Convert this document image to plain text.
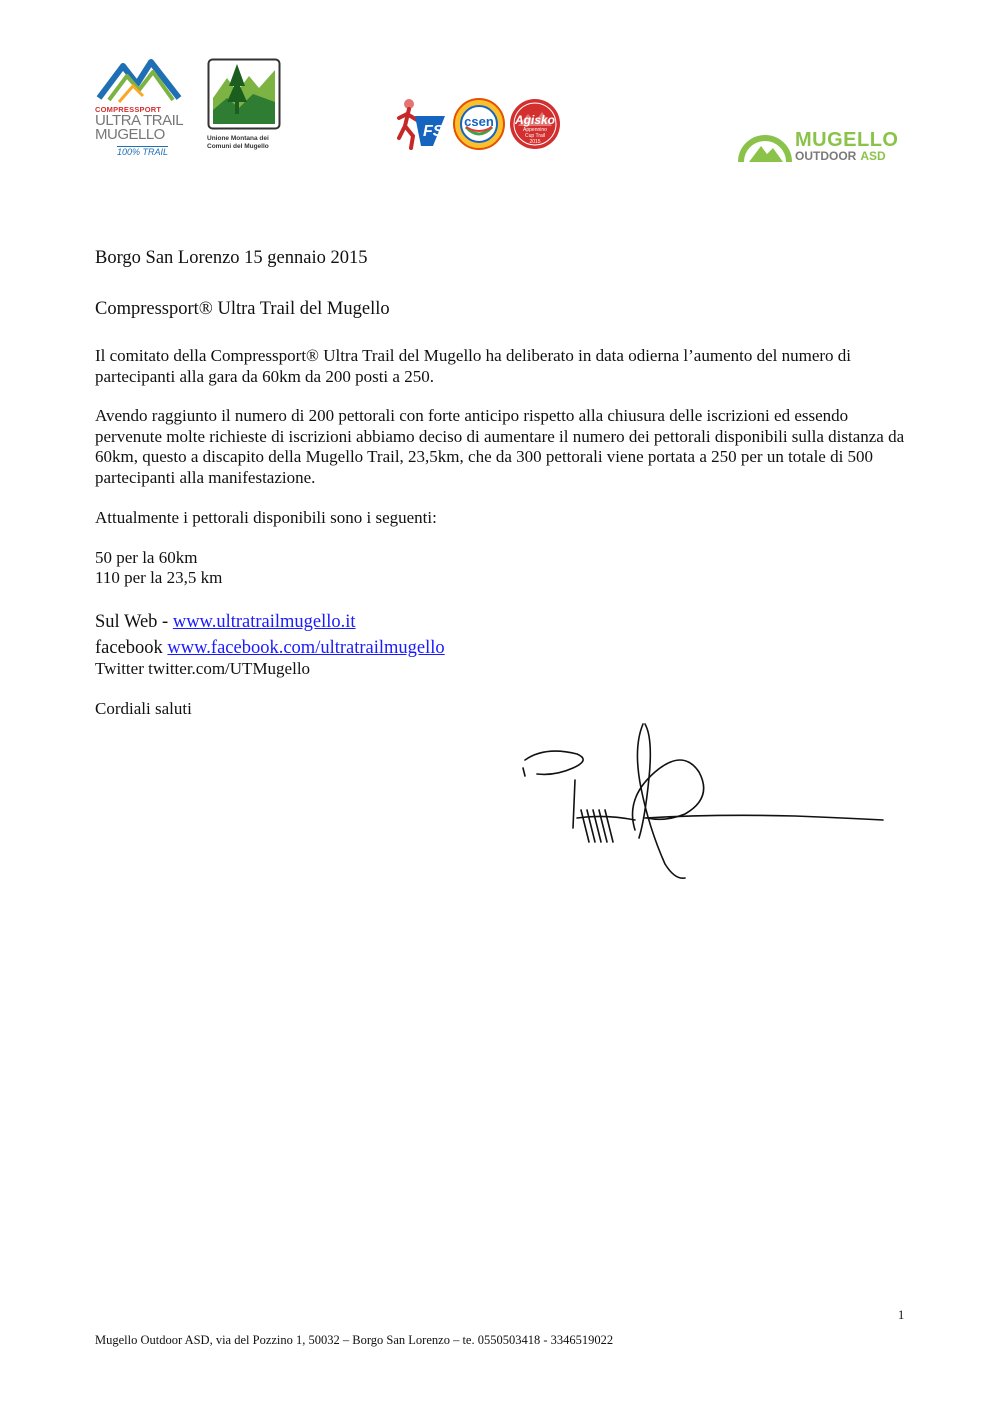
COMPRESSPORT
ULTRA TRAIL
MUGELLO
100% TRAIL
Unione Montana dei
Comuni del Mugello
FS
csen	Agisko
Appennino
Cup Trail
2015	MUGELLO
OUTDOOR ASD

Borgo San Lorenzo 15 gennaio 2015

Compressport® Ultra Trail del Mugello

Il comitato della Compressport® Ultra Trail del Mugello ha deliberato in data odierna l’aumento del numero di partecipanti alla gara da 60km da 200 posti a 250.

Avendo raggiunto il numero di 200 pettorali con forte anticipo rispetto alla chiusura delle iscrizioni ed essendo pervenute molte richieste di iscrizioni abbiamo deciso di aumentare il numero dei pettorali disponibili sulla distanza da 60km, questo a discapito della Mugello Trail, 23,5km, che da 300 pettorali viene portata a 250 per un totale di 500 partecipanti alla manifestazione.

Attualmente i pettorali disponibili sono i seguenti:

50 per la 60km

110 per la 23,5 km

Sul Web - www.ultratrailmugello.it

facebook www.facebook.com/ultratrailmugello

Twitter twitter.com/UTMugello

Cordiali saluti

1
Mugello Outdoor ASD, via del Pozzino 1, 50032 – Borgo San Lorenzo – te. 0550503418 - 3346519022
